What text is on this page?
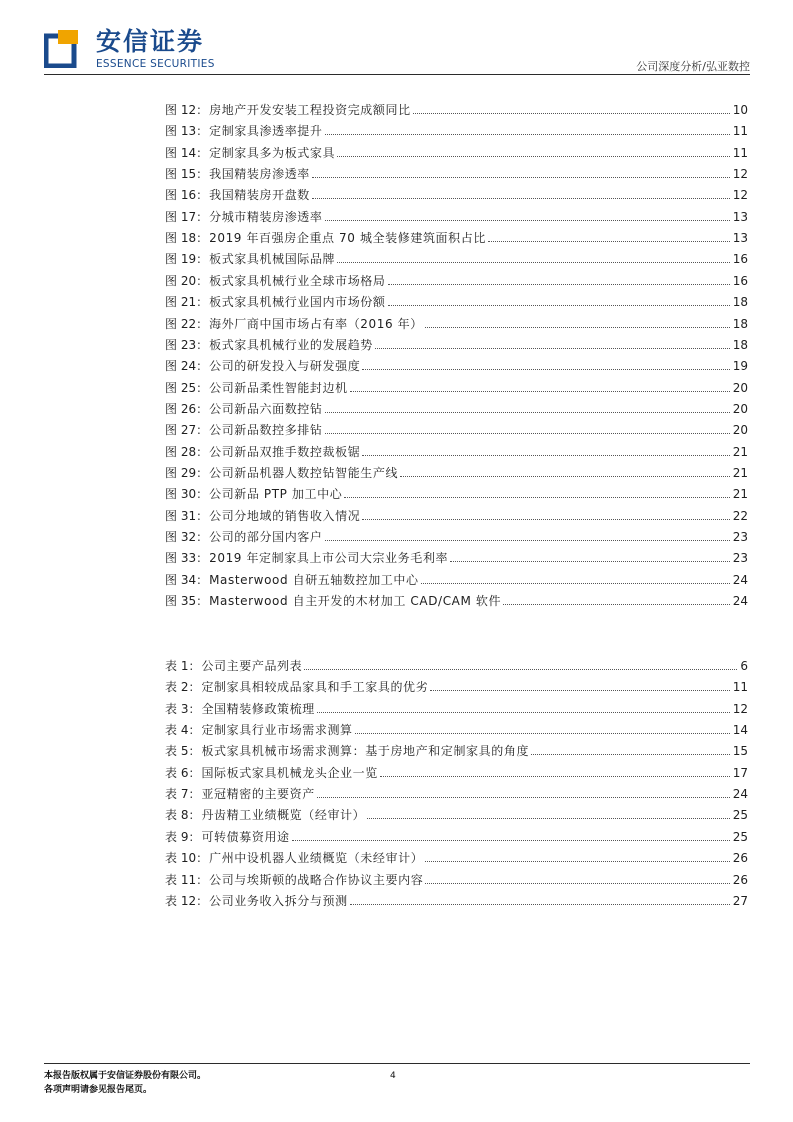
安信证券
ESSENCE SECURITIES	公司深度分析/弘亚数控
图 12： 房地产开发安装工程投资完成额同比	10
图 13： 定制家具渗透率提升	11
图 14： 定制家具多为板式家具	11
图 15： 我国精装房渗透率	12
图 16： 我国精装房开盘数	12
图 17： 分城市精装房渗透率	13
图 18： 2019 年百强房企重点 70 城全装修建筑面积占比	13
图 19： 板式家具机械国际品牌	16
图 20： 板式家具机械行业全球市场格局	16
图 21： 板式家具机械行业国内市场份额	18
图 22： 海外厂商中国市场占有率（2016 年）	18
图 23： 板式家具机械行业的发展趋势	18
图 24： 公司的研发投入与研发强度	19
图 25： 公司新品柔性智能封边机	20
图 26： 公司新品六面数控钻	20
图 27： 公司新品数控多排钻	20
图 28： 公司新品双推手数控裁板锯	21
图 29： 公司新品机器人数控钻智能生产线	21
图 30： 公司新品 PTP 加工中心	21
图 31： 公司分地域的销售收入情况	22
图 32： 公司的部分国内客户	23
图 33： 2019 年定制家具上市公司大宗业务毛利率	23
图 34： Masterwood 自研五轴数控加工中心	24
图 35： Masterwood 自主开发的木材加工 CAD/CAM 软件	24
表 1： 公司主要产品列表	6
表 2： 定制家具相较成品家具和手工家具的优劣	11
表 3： 全国精装修政策梳理	12
表 4： 定制家具行业市场需求测算	14
表 5： 板式家具机械市场需求测算：基于房地产和定制家具的角度	15
表 6： 国际板式家具机械龙头企业一览	17
表 7： 亚冠精密的主要资产	24
表 8： 丹齿精工业绩概览（经审计）	25
表 9： 可转债募资用途	25
表 10： 广州中设机器人业绩概览（未经审计）	26
表 11： 公司与埃斯顿的战略合作协议主要内容	26
表 12： 公司业务收入拆分与预测	27
本报告版权属于安信证券股份有限公司。
各项声明请参见报告尾页。
4
